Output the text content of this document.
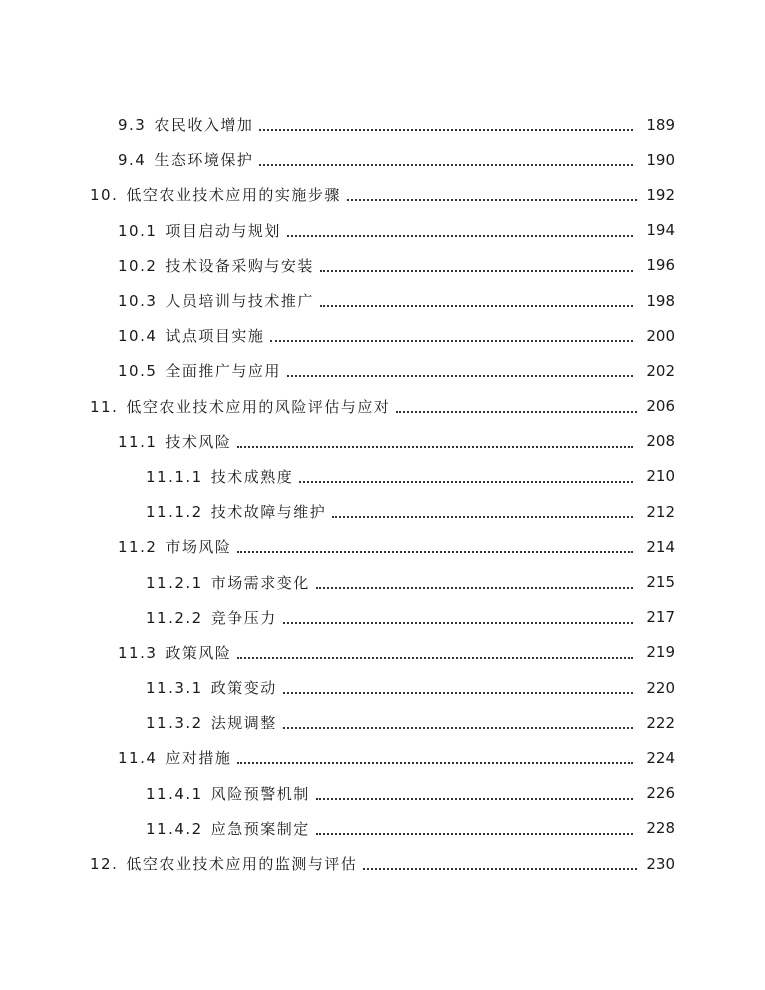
9.3 农民收入增加	189
9.4 生态环境保护	190
10. 低空农业技术应用的实施步骤	192
10.1 项目启动与规划	194
10.2 技术设备采购与安装	196
10.3 人员培训与技术推广	198
10.4 试点项目实施	200
10.5 全面推广与应用	202
11. 低空农业技术应用的风险评估与应对	206
11.1 技术风险	208
11.1.1 技术成熟度	210
11.1.2 技术故障与维护	212
11.2 市场风险	214
11.2.1 市场需求变化	215
11.2.2 竞争压力	217
11.3 政策风险	219
11.3.1 政策变动	220
11.3.2 法规调整	222
11.4 应对措施	224
11.4.1 风险预警机制	226
11.4.2 应急预案制定	228
12. 低空农业技术应用的监测与评估	230
